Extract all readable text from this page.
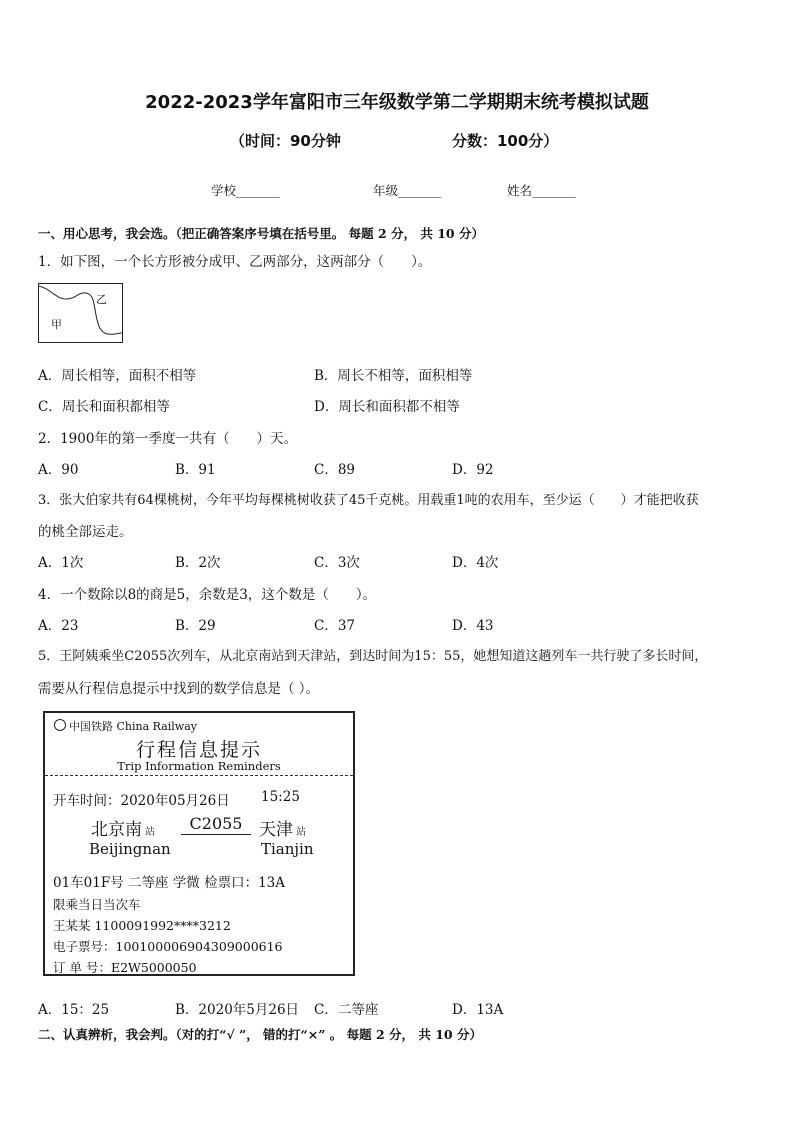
2022-2023学年富阳市三年级数学第二学期期末统考模拟试题
（时间：90分钟	分数：100分）
学校_______	年级_______	姓名_______
一、用心思考，我会选。（把正确答案序号填在括号里。 每题 2 分， 共 10 分）
1．如下图，一个长方形被分成甲、乙两部分，这两部分（　　）。
甲
乙
A．周长相等，面积不相等	B．周长不相等，面积相等
C．周长和面积都相等	D．周长和面积都不相等
2．1900年的第一季度一共有（　　）天。
A．90	B．91	C．89	D．92
3．张大伯家共有64棵桃树，今年平均每棵桃树收获了45千克桃。用载重1吨的农用车，至少运（　　）才能把收获
的桃全部运走。
A．1次	B．2次	C．3次	D．4次
4．一个数除以8的商是5，余数是3，这个数是（　　）。
A．23	B．29	C．37	D．43
5．王阿姨乘坐C2055次列车，从北京南站到天津站，到达时间为15：55，她想知道这趟列车一共行驶了多长时间，
需要从行程信息提示中找到的数学信息是（ ）。
中国铁路 China Railway
行程信息提示
Trip Information Reminders
开车时间：2020年05月26日 15:25
北京南 站	C2055 天津 站
Beijingnan	Tianjin
01车01F号 二等座 学微 检票口：13A
限乘当日当次车
王某某 1100091992****3212
电子票号：10010000690430900061​6
订 单 号：E2W5000050
A．15：25	B．2020年5月26日 C．二等座	D．13A
二、认真辨析，我会判。（对的打“√ ”， 错的打“×” 。 每题 2 分， 共 10 分）
